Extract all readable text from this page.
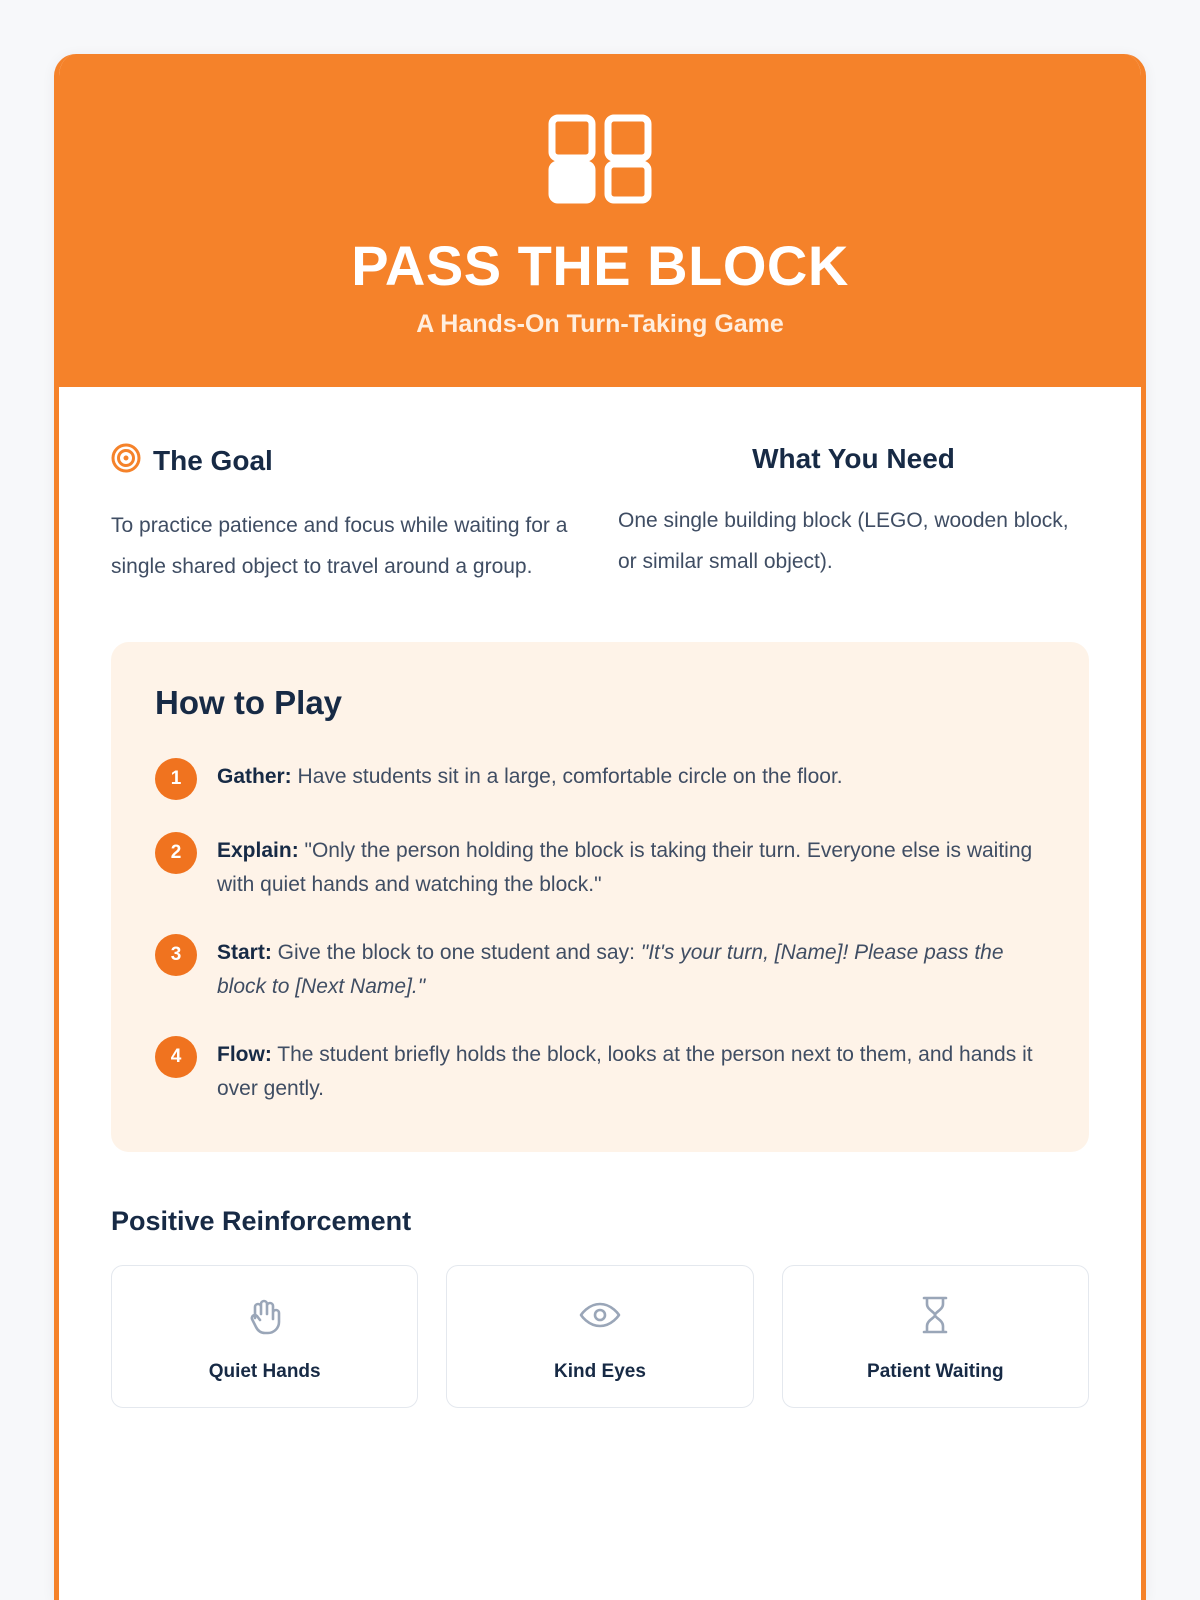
PASS THE BLOCK
A Hands-On Turn-Taking Game
The Goal
To practice patience and focus while waiting for a single shared object to travel around a group.
What You Need
One single building block (LEGO, wooden block, or similar small object).
How to Play
1	Gather: Have students sit in a large, comfortable circle on the floor.
2	Explain: "Only the person holding the block is taking their turn. Everyone else is waiting with quiet hands and watching the block."
3	Start: Give the block to one student and say: "It's your turn, [Name]! Please pass the block to [Next Name]."
4	Flow: The student briefly holds the block, looks at the person next to them, and hands it over gently.
Positive Reinforcement
Quiet Hands	Kind Eyes	Patient Waiting
